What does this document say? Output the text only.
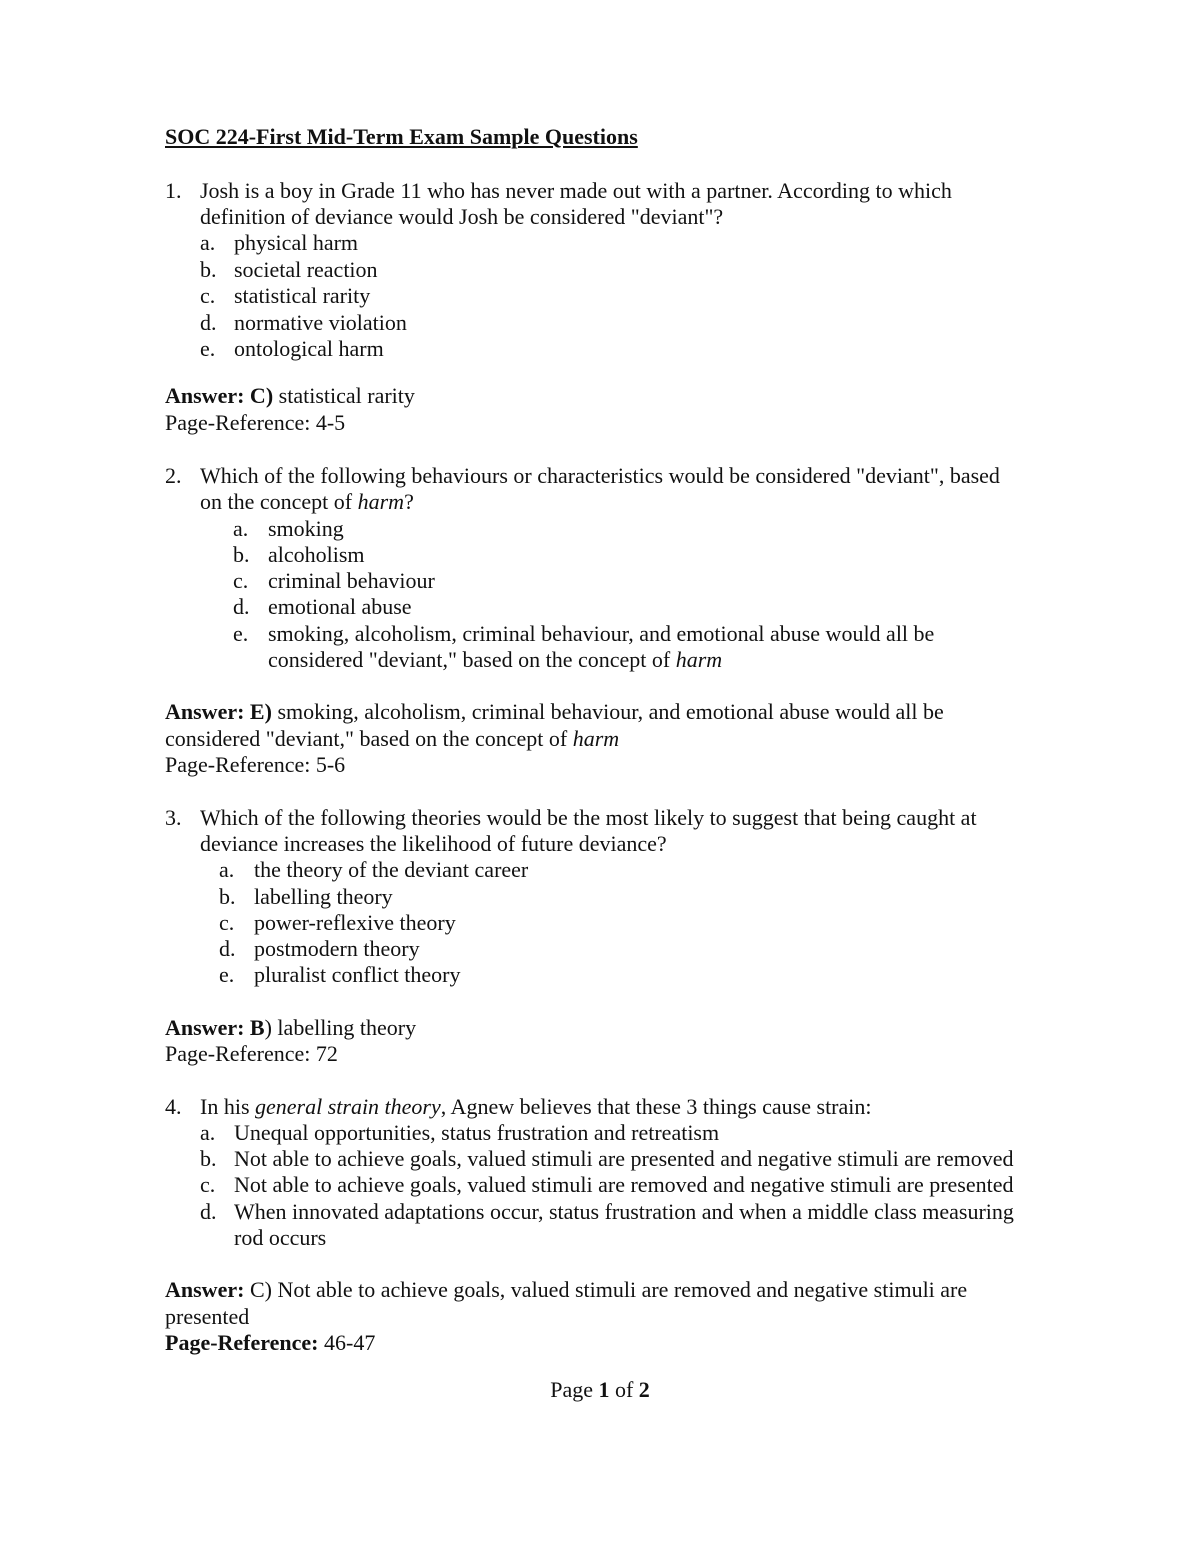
SOC 224-First Mid-Term Exam Sample Questions
1. Josh is a boy in Grade 11 who has never made out with a partner. According to which
definition of deviance would Josh be considered "deviant"?
a. physical harm
b. societal reaction
c. statistical rarity
d. normative violation
e. ontological harm
Answer: C) statistical rarity
Page-Reference: 4-5
2. Which of the following behaviours or characteristics would be considered "deviant", based
on the concept of harm?
a. smoking
b. alcoholism
c. criminal behaviour
d. emotional abuse
e. smoking, alcoholism, criminal behaviour, and emotional abuse would all be
considered "deviant," based on the concept of harm
Answer: E) smoking, alcoholism, criminal behaviour, and emotional abuse would all be
considered "deviant," based on the concept of harm
Page-Reference: 5-6
3. Which of the following theories would be the most likely to suggest that being caught at
deviance increases the likelihood of future deviance?
a. the theory of the deviant career
b. labelling theory
c. power-reflexive theory
d. postmodern theory
e. pluralist conflict theory
Answer: B) labelling theory
Page-Reference: 72
4. In his general strain theory, Agnew believes that these 3 things cause strain:
a. Unequal opportunities, status frustration and retreatism
b. Not able to achieve goals, valued stimuli are presented and negative stimuli are removed
c. Not able to achieve goals, valued stimuli are removed and negative stimuli are presented
d. When innovated adaptations occur, status frustration and when a middle class measuring
rod occurs
Answer: C) Not able to achieve goals, valued stimuli are removed and negative stimuli are
presented
Page-Reference: 46-47
Page 1 of 2
